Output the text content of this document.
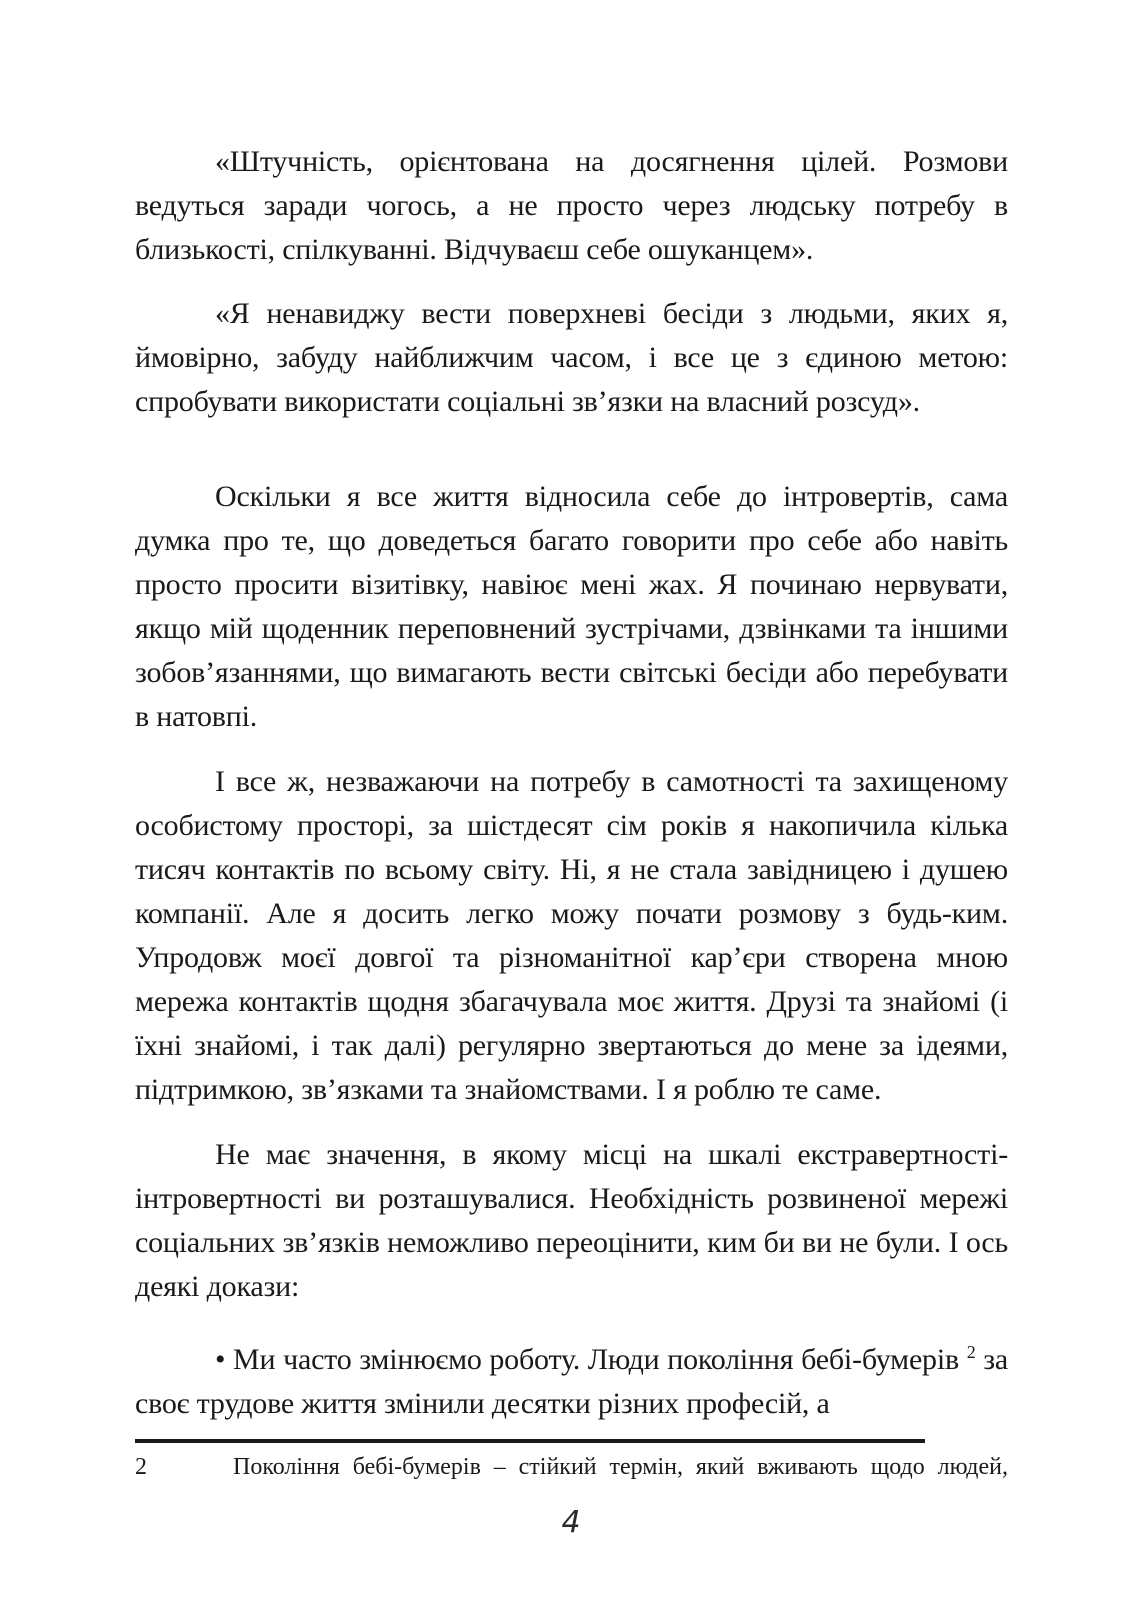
«Штучність, орієнтована на досягнення цілей. Розмови ведуться заради чогось, а не просто через людську потребу в близькості, спілкуванні. Відчуваєш себе ошуканцем».

«Я ненавиджу вести поверхневі бесіди з людьми, яких я, ймовірно, забуду найближчим часом, і все це з єдиною метою: спробувати використати соціальні зв’язки на власний розсуд».

Оскільки я все життя відносила себе до інтровертів, сама думка про те, що доведеться багато говорити про себе або навіть просто просити візитівку, навіює мені жах. Я починаю нервувати, якщо мій щоденник переповнений зустрічами, дзвінками та іншими зобов’язаннями, що вимагають вести світські бесіди або перебувати в натовпі.

І все ж, незважаючи на потребу в самотності та захищеному особистому просторі, за шістдесят сім років я накопичила кілька тисяч контактів по всьому світу. Ні, я не стала завідницею і душею компанії. Але я досить легко можу почати розмову з будь-ким. Упродовж моєї довгої та різноманітної кар’єри створена мною мережа контактів щодня збагачувала моє життя. Друзі та знайомі (і їхні знайомі, і так далі) регулярно звертаються до мене за ідеями, підтримкою, зв’язками та знайомствами. І я роблю те саме.

Не має значення, в якому місці на шкалі екстравертності-інтровертності ви розташувалися. Необхідність розвиненої мережі соціальних зв’язків неможливо переоцінити, ким би ви не були. І ось деякі докази:

• Ми часто змінюємо роботу. Люди покоління бебі-бумерів $^2$ за своє трудове життя змінили десятки різних професій, а

2	Покоління бебі-бумерів – стійкий термін, який вживають щодо людей,
4
